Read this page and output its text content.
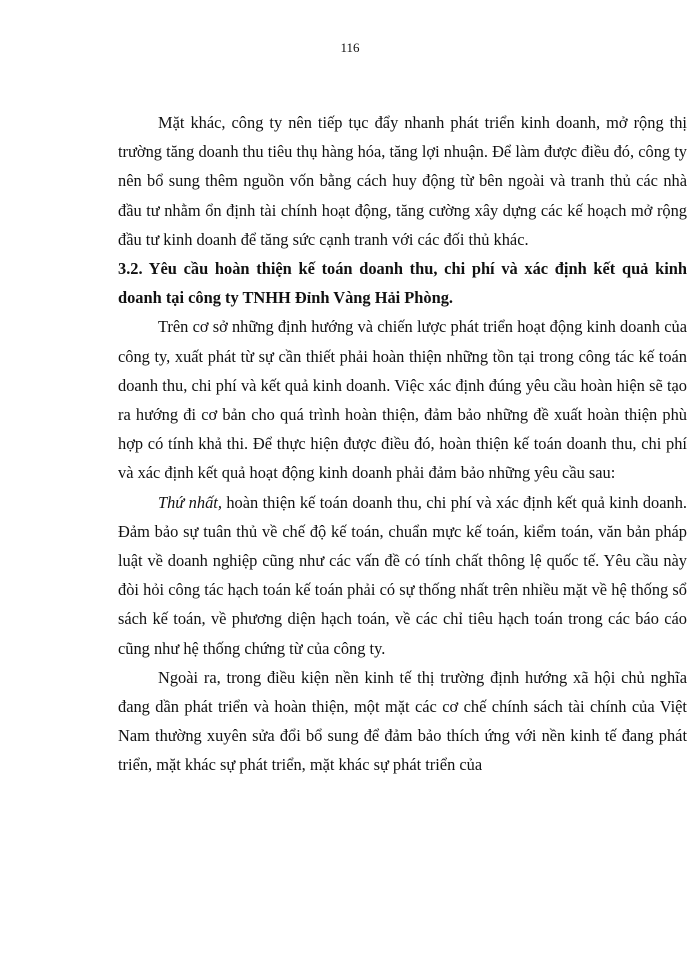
116

Mặt khác, công ty nên tiếp tục đẩy nhanh phát triển kinh doanh, mở rộng thị trường tăng doanh thu tiêu thụ hàng hóa, tăng lợi nhuận. Để làm được điều đó, công ty nên bổ sung thêm nguồn vốn bằng cách huy động từ bên ngoài và tranh thủ các nhà đầu tư nhằm ổn định tài chính hoạt động, tăng cường xây dựng các kế hoạch mở rộng đầu tư kinh doanh để tăng sức cạnh tranh với các đối thủ khác.

3.2. Yêu cầu hoàn thiện kế toán doanh thu, chi phí và xác định kết quả kinh doanh tại công ty TNHH Đỉnh Vàng Hải Phòng.

Trên cơ sở những định hướng và chiến lược phát triển hoạt động kinh doanh của công ty, xuất phát từ sự cần thiết phải hoàn thiện những tồn tại trong công tác kế toán doanh thu, chi phí và kết quả kinh doanh. Việc xác định đúng yêu cầu hoàn hiện sẽ tạo ra hướng đi cơ bản cho quá trình hoàn thiện, đảm bảo những đề xuất hoàn thiện phù hợp có tính khả thi. Để thực hiện được điều đó, hoàn thiện kế toán doanh thu, chi phí và xác định kết quả hoạt động kinh doanh phải đảm bảo những yêu cầu sau:

Thứ nhất, hoàn thiện kế toán doanh thu, chi phí và xác định kết quả kinh doanh. Đảm bảo sự tuân thủ về chế độ kế toán, chuẩn mực kế toán, kiểm toán, văn bản pháp luật về doanh nghiệp cũng như các vấn đề có tính chất thông lệ quốc tế. Yêu cầu này đòi hỏi công tác hạch toán kế toán phải có sự thống nhất trên nhiều mặt về hệ thống sổ sách kế toán, về phương diện hạch toán, về các chỉ tiêu hạch toán trong các báo cáo cũng như hệ thống chứng từ của công ty.

Ngoài ra, trong điều kiện nền kinh tế thị trường định hướng xã hội chủ nghĩa đang dần phát triển và hoàn thiện, một mặt các cơ chế chính sách tài chính của Việt Nam thường xuyên sửa đổi bổ sung để đảm bảo thích ứng với nền kinh tế đang phát triển, mặt khác sự phát triển, mặt khác sự phát triển của
